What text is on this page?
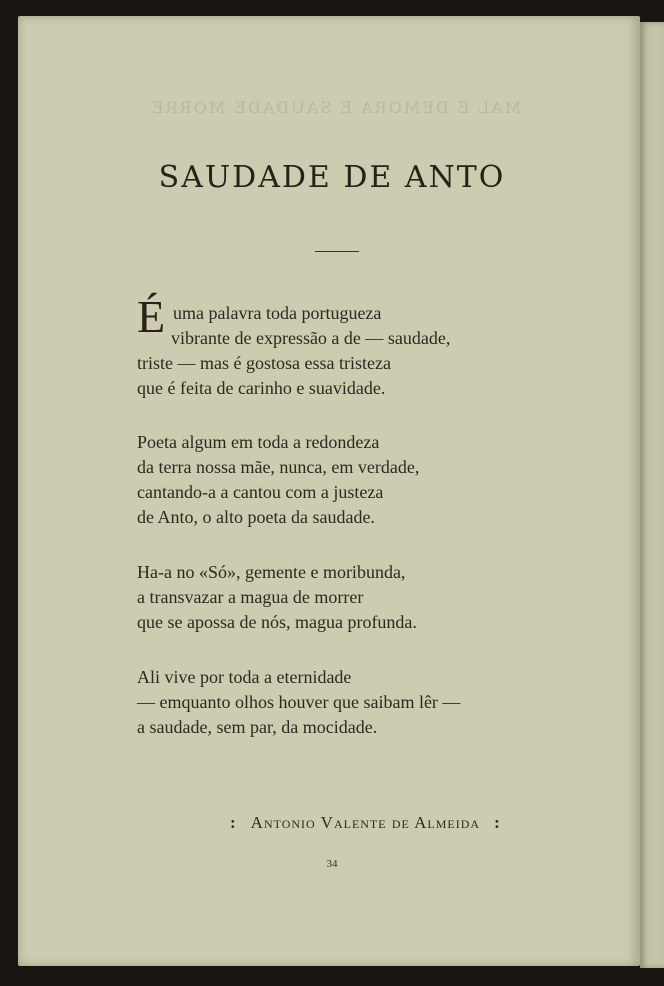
MAL E DEMORA E SAUDADE MORRE
SAUDADE DE ANTO
É uma palavra toda portugueza
vibrante de expressão a de — saudade,
triste — mas é gostosa essa tristeza
que é feita de carinho e suavidade.
Poeta algum em toda a redondeza
da terra nossa mãe, nunca, em verdade,
cantando-a a cantou com a justeza
de Anto, o alto poeta da saudade.
Ha-a no «Só», gemente e moribunda,
a transvazar a magua de morrer
que se apossa de nós, magua profunda.
Ali vive por toda a eternidade
— emquanto olhos houver que saibam lêr —
a saudade, sem par, da mocidade.
: Antonio Valente de Almeida :
34
